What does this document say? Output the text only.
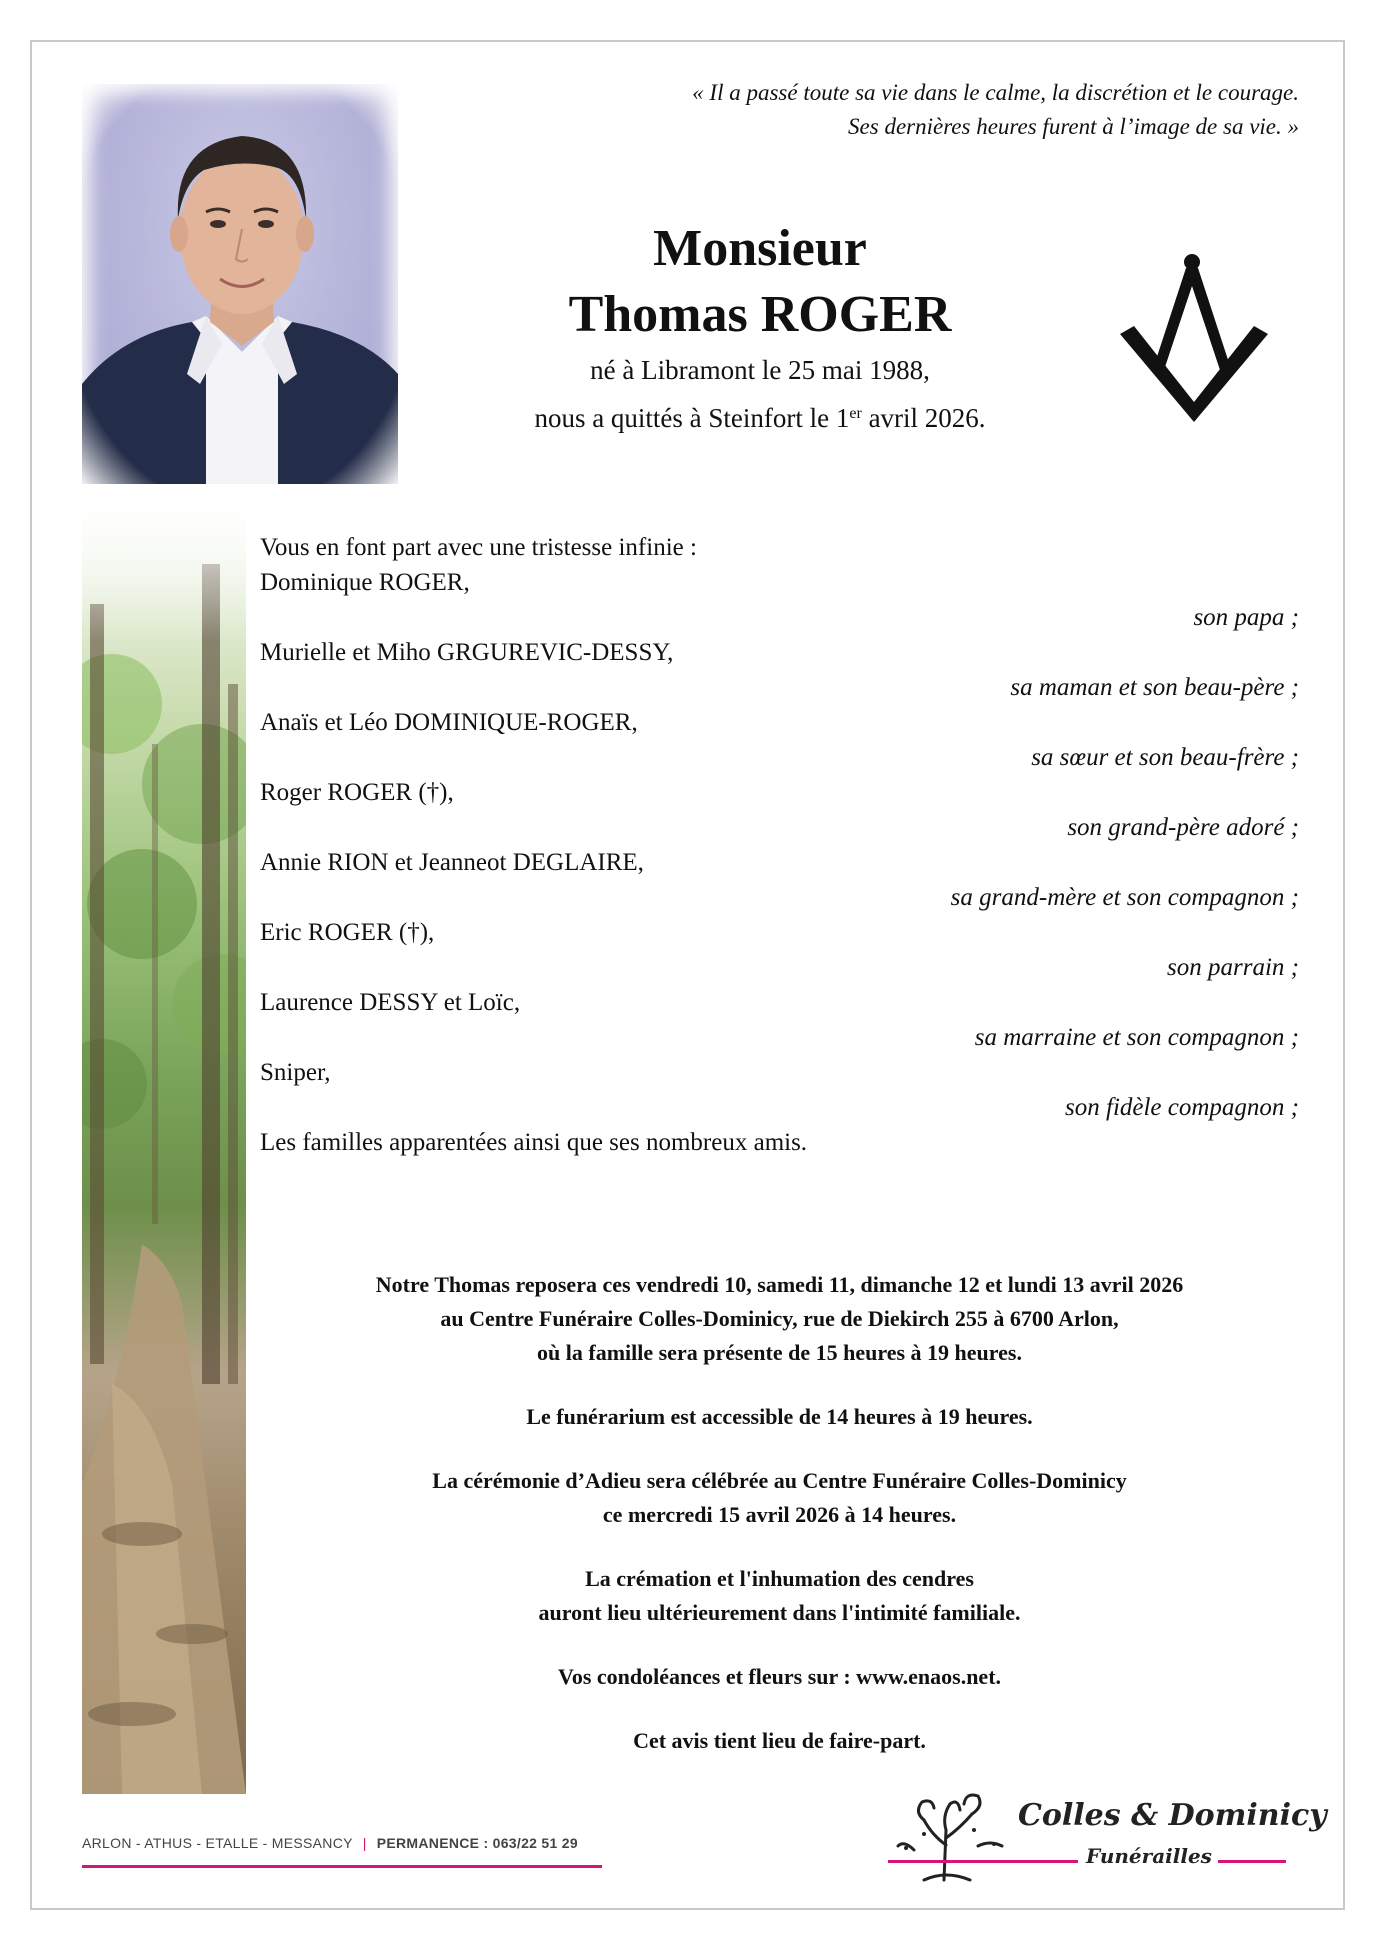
« Il a passé toute sa vie dans le calme, la discrétion et le courage.
Ses dernières heures furent à l’image de sa vie. »
Monsieur
Thomas ROGER
né à Libramont le 25 mai 1988,
nous a quittés à Steinfort le 1er avril 2026.
Vous en font part avec une tristesse infinie :
Dominique ROGER,
son papa ;
Murielle et Miho GRGUREVIC-DESSY,
sa maman et son beau-père ;
Anaïs et Léo DOMINIQUE-ROGER,
sa sœur et son beau-frère ;
Roger ROGER (†),
son grand-père adoré ;
Annie RION et Jeanneot DEGLAIRE,
sa grand-mère et son compagnon ;
Eric ROGER (†),
son parrain ;
Laurence DESSY et Loïc,
sa marraine et son compagnon ;
Sniper,
son fidèle compagnon ;
Les familles apparentées ainsi que ses nombreux amis.

Notre Thomas reposera ces vendredi 10, samedi 11, dimanche 12 et lundi 13 avril 2026
au Centre Funéraire Colles-Dominicy, rue de Diekirch 255 à 6700 Arlon,
où la famille sera présente de 15 heures à 19 heures.

Le funérarium est accessible de 14 heures à 19 heures.

La cérémonie d’Adieu sera célébrée au Centre Funéraire Colles-Dominicy
ce mercredi 15 avril 2026 à 14 heures.

La crémation et l'inhumation des cendres
auront lieu ultérieurement dans l'intimité familiale.

Vos condoléances et fleurs sur : www.enaos.net.

Cet avis tient lieu de faire-part.

ARLON - ATHUS - ETALLE - MESSANCY | PERMANENCE : 063/22 51 29
Colles & Dominicy
Funérailles
